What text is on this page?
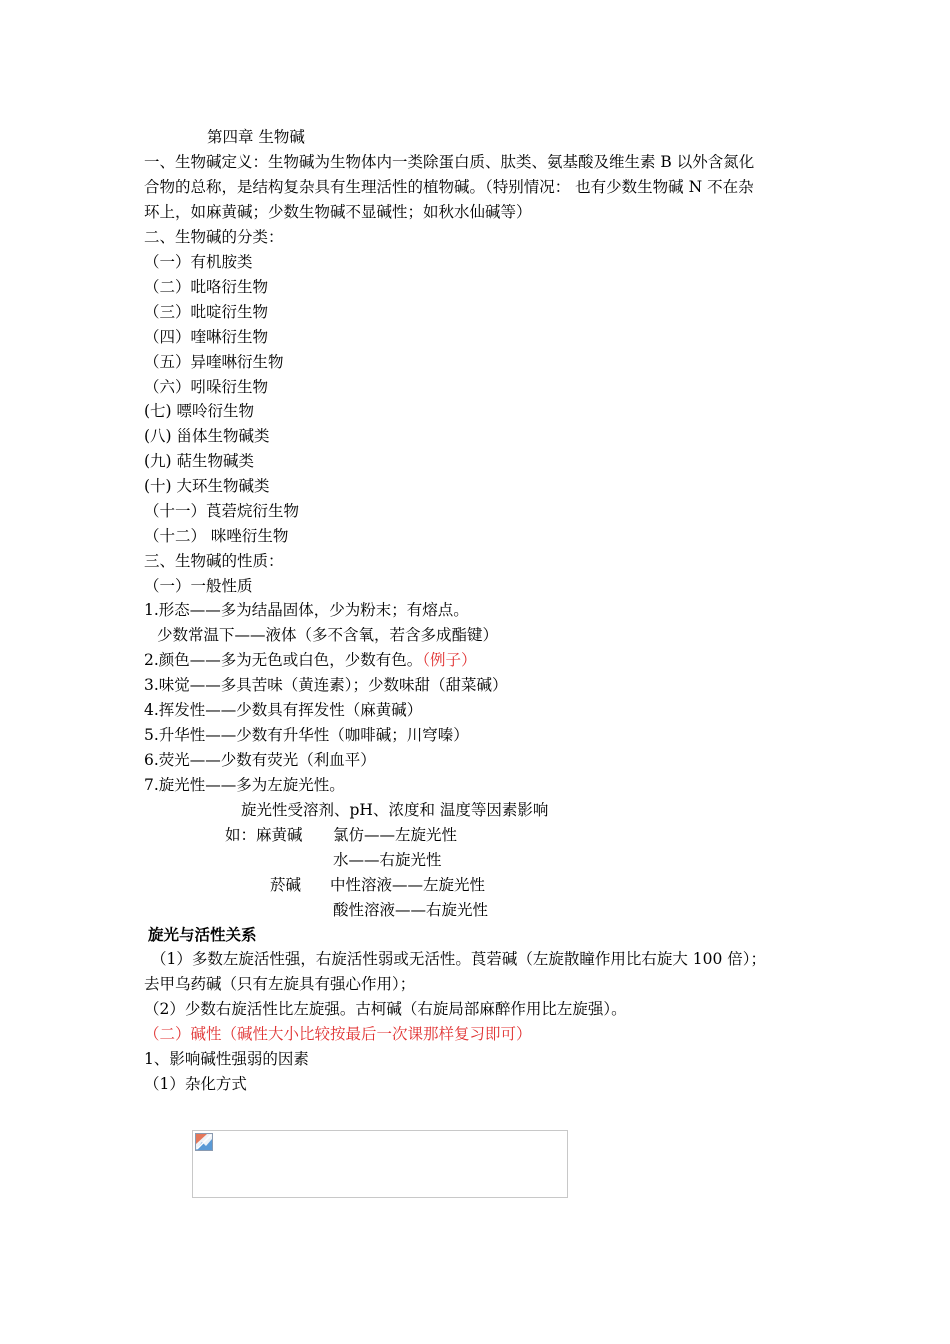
第四章 生物碱
一、生物碱定义：生物碱为生物体内一类除蛋白质、肽类、氨基酸及维生素 B 以外含氮化
合物的总称，是结构复杂具有生理活性的植物碱。（特别情况： 也有少数生物碱 N 不在杂
环上，如麻黄碱；少数生物碱不显碱性；如秋水仙碱等）
二、生物碱的分类：
（一）有机胺类
（二）吡咯衍生物
（三）吡啶衍生物
（四）喹啉衍生物
（五）异喹啉衍生物
（六）吲哚衍生物
(七) 嘌呤衍生物
(八) 甾体生物碱类
(九) 萜生物碱类
(十) 大环生物碱类
（十一）莨菪烷衍生物
（十二） 咪唑衍生物
三、生物碱的性质：
（一）一般性质
1.形态——多为结晶固体，少为粉末；有熔点。
少数常温下——液体（多不含氧，若含多成酯键）
2.颜色——多为无色或白色，少数有色。（例子）
3.味觉——多具苦味（黄连素）；少数味甜（甜菜碱）
4.挥发性——少数具有挥发性（麻黄碱）
5.升华性——少数有升华性（咖啡碱；川穹嗪）
6.荧光——少数有荧光（利血平）
7.旋光性——多为左旋光性。
旋光性受溶剂、pH、浓度和 温度等因素影响
如：麻黄碱 氯仿——左旋光性
水——右旋光性
菸碱 中性溶液——左旋光性
酸性溶液——右旋光性
旋光与活性关系
（1）多数左旋活性强，右旋活性弱或无活性。莨菪碱（左旋散瞳作用比右旋大 100 倍）；
去甲乌药碱（只有左旋具有强心作用）；
（2）少数右旋活性比左旋强。古柯碱（右旋局部麻醉作用比左旋强）。
（二）碱性（碱性大小比较按最后一次课那样复习即可）
1、影响碱性强弱的因素
（1）杂化方式
